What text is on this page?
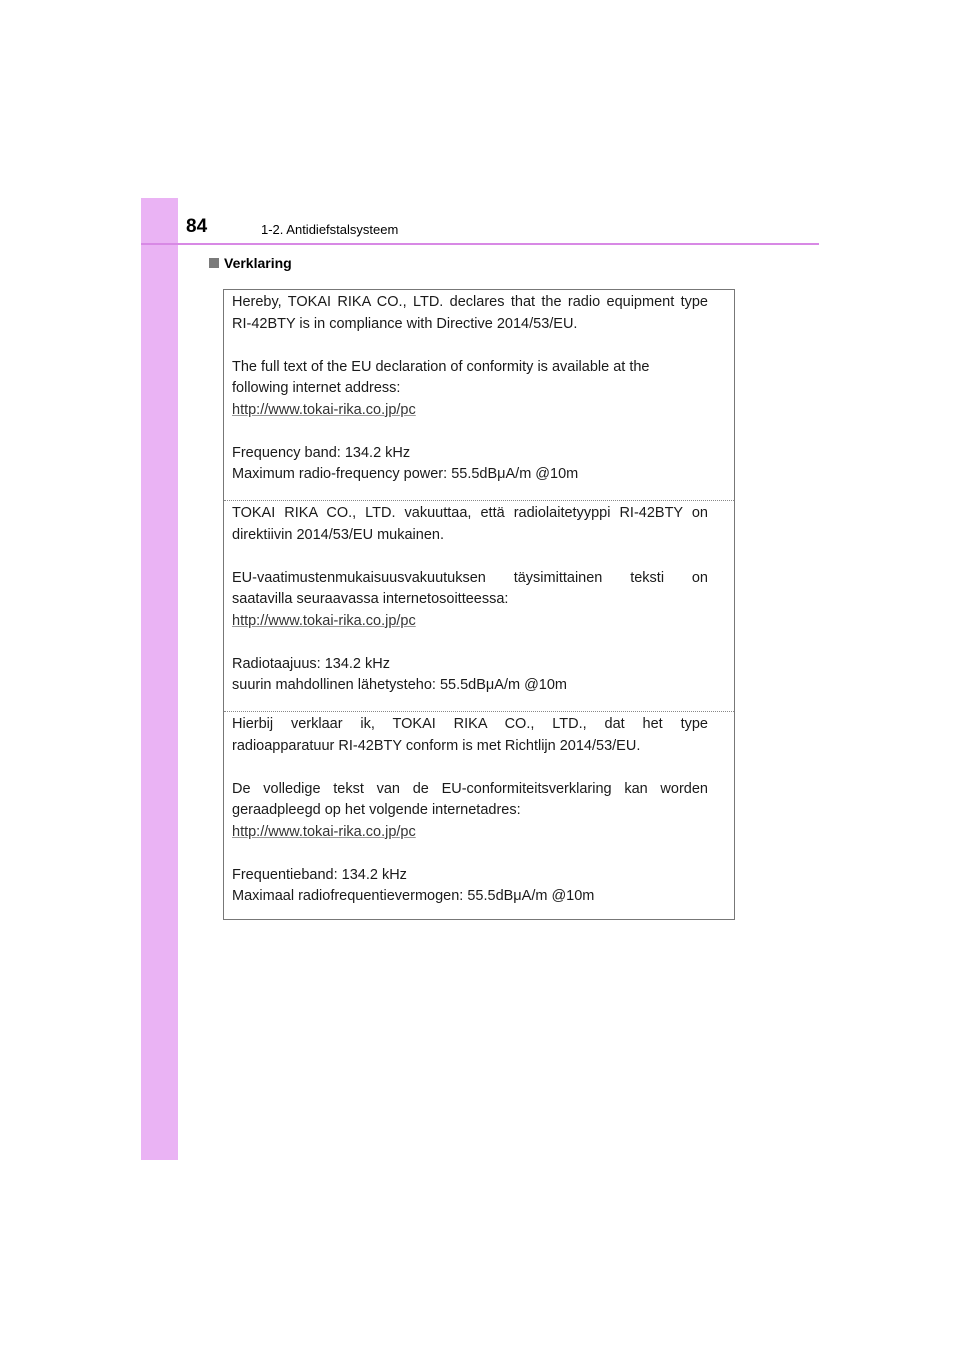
84	1-2. Antidiefstalsysteem
Verklaring

Hereby, TOKAI RIKA CO., LTD. declares that the radio equipment type

RI-42BTY is in compliance with Directive 2014/53/EU.

The full text of the EU declaration of conformity is available at the

following internet address:

http://www.tokai-rika.co.jp/pc

Frequency band: 134.2 kHz

Maximum radio-frequency power: 55.5dBμA/m @10m

TOKAI RIKA CO., LTD. vakuuttaa, että radiolaitetyyppi RI-42BTY on

direktiivin 2014/53/EU mukainen.

EU-vaatimustenmukaisuusvakuutuksen täysimittainen teksti on

saatavilla seuraavassa internetosoitteessa:

http://www.tokai-rika.co.jp/pc

Radiotaajuus: 134.2 kHz

suurin mahdollinen lähetysteho: 55.5dBμA/m @10m

Hierbij verklaar ik, TOKAI RIKA CO., LTD., dat het type

radioapparatuur RI-42BTY conform is met Richtlijn 2014/53/EU.

De volledige tekst van de EU-conformiteitsverklaring kan worden

geraadpleegd op het volgende internetadres:

http://www.tokai-rika.co.jp/pc

Frequentieband: 134.2 kHz

Maximaal radiofrequentievermogen: 55.5dBμA/m @10m
